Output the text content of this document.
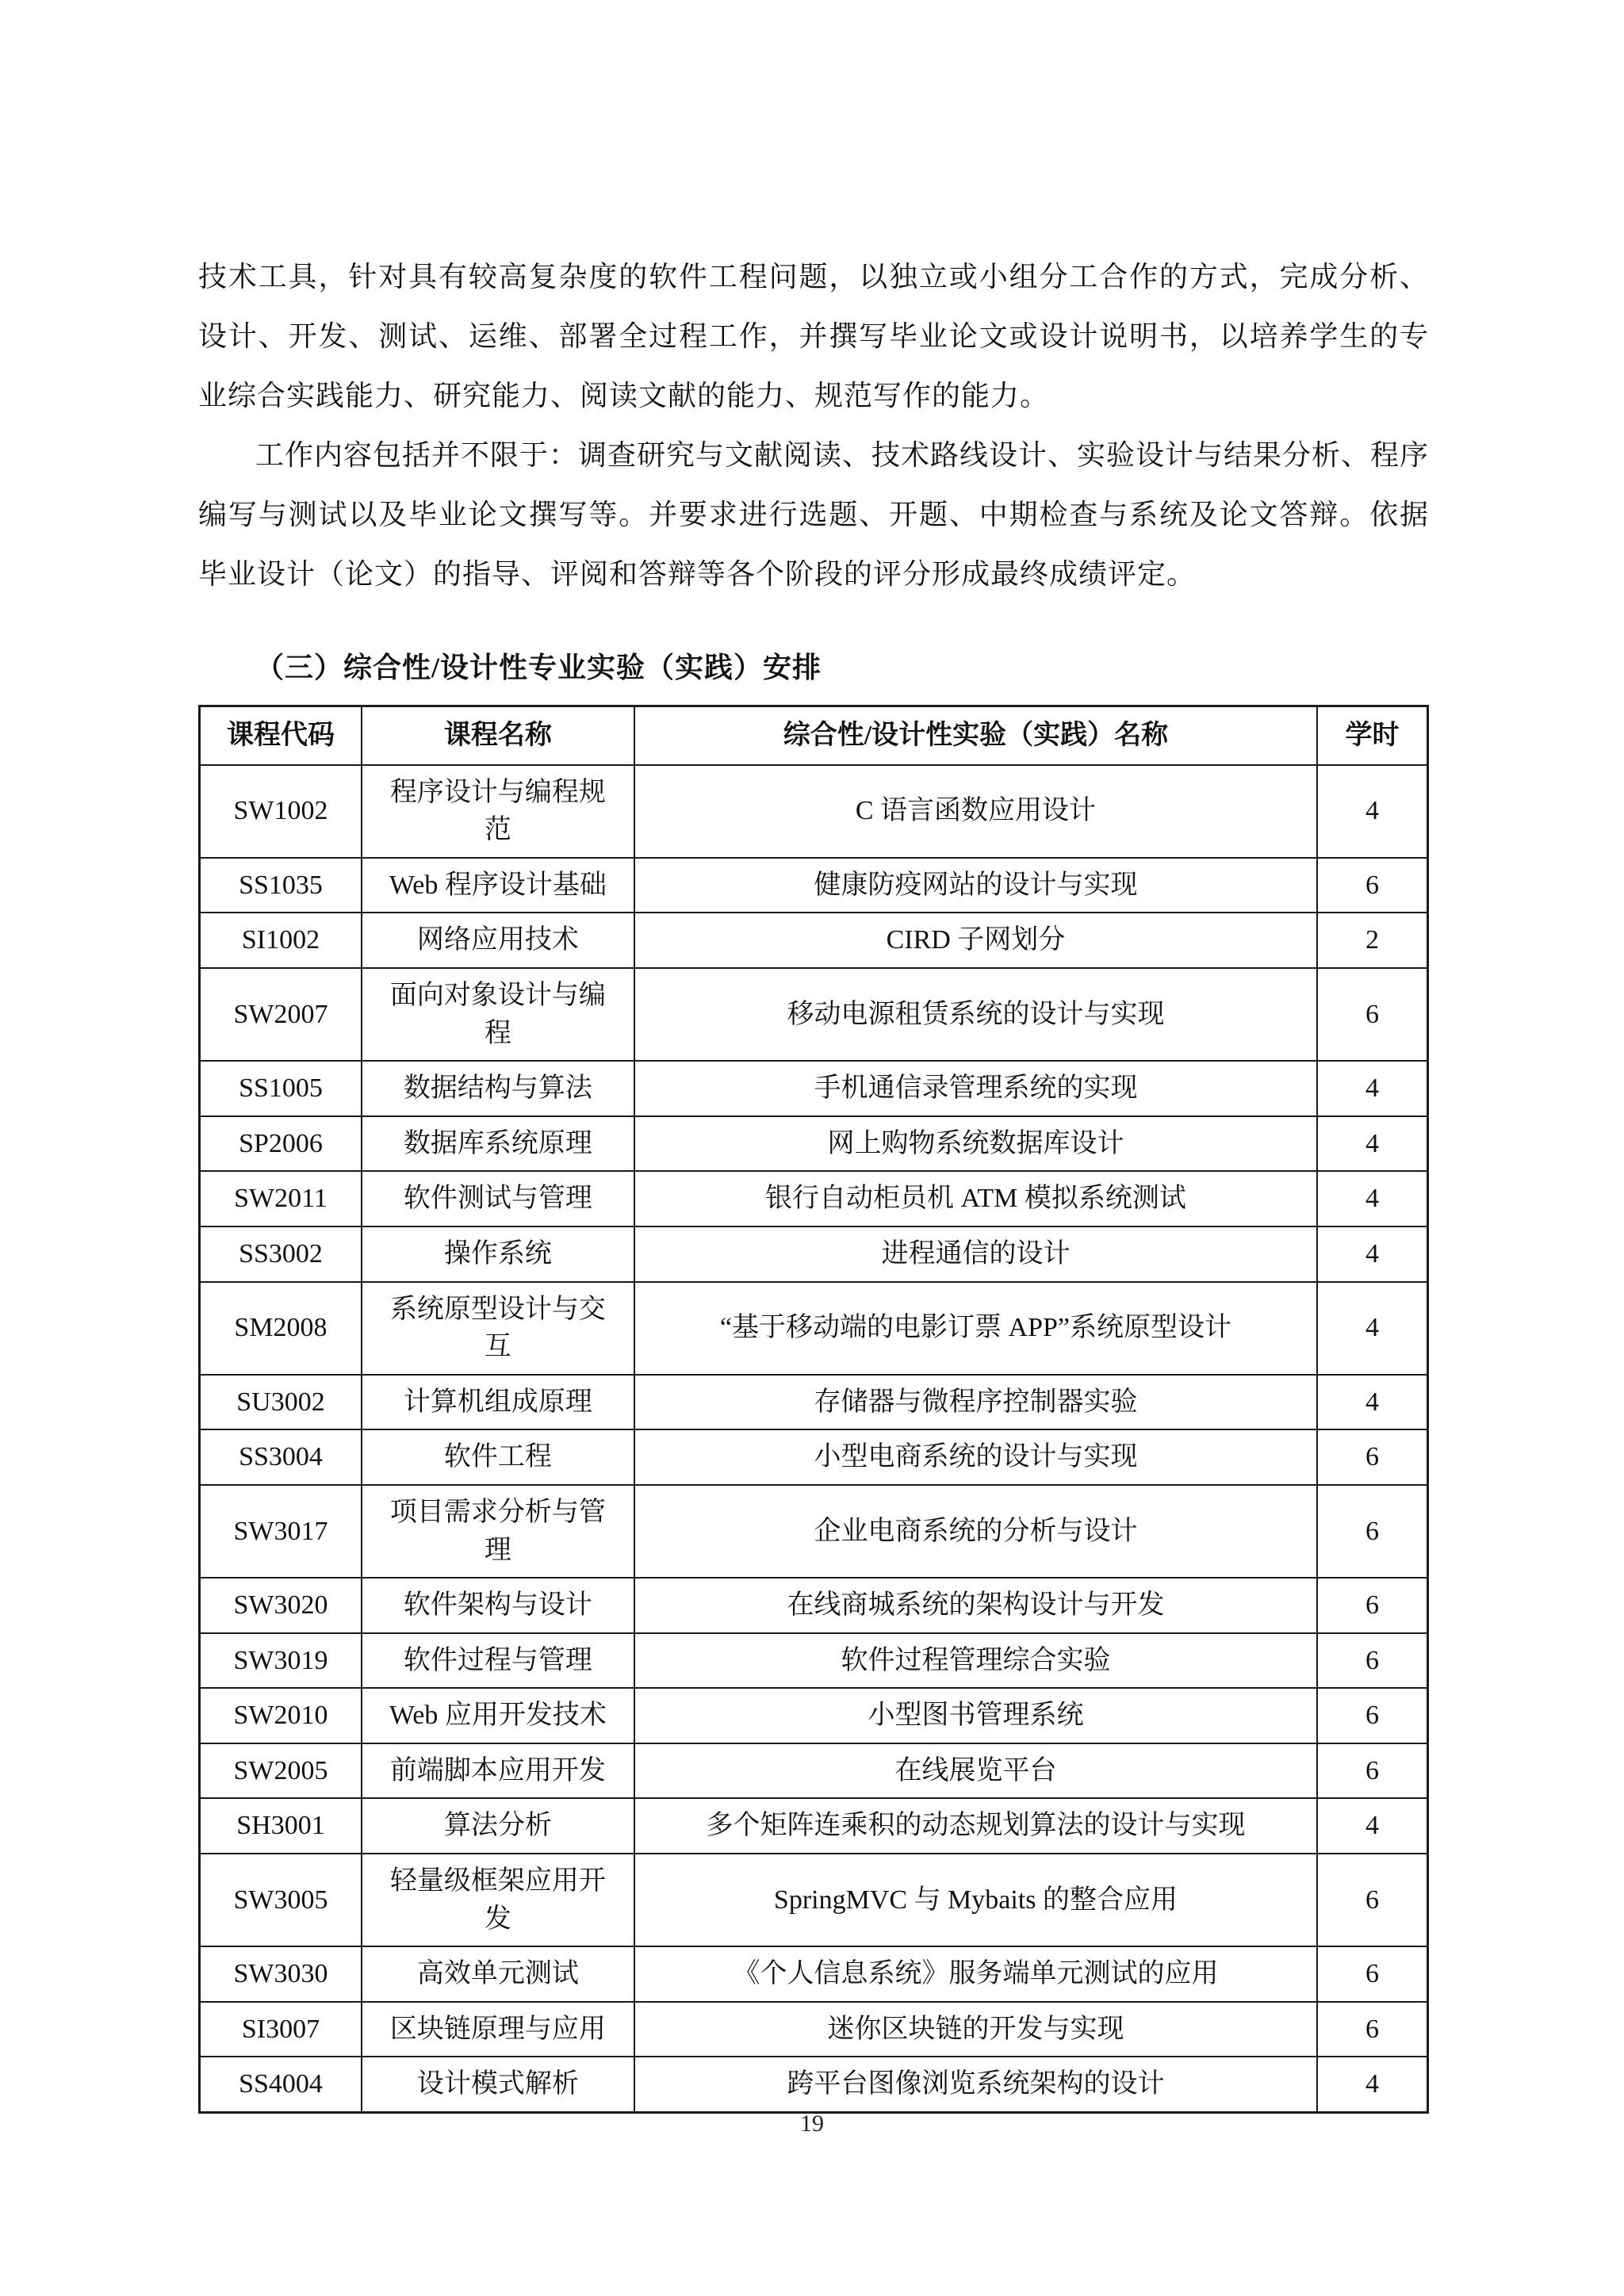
技术工具，针对具有较高复杂度的软件工程问题，以独立或小组分工合作的方式，完成分析、设计、开发、测试、运维、部署全过程工作，并撰写毕业论文或设计说明书，以培养学生的专业综合实践能力、研究能力、阅读文献的能力、规范写作的能力。

工作内容包括并不限于：调查研究与文献阅读、技术路线设计、实验设计与结果分析、程序编写与测试以及毕业论文撰写等。并要求进行选题、开题、中期检查与系统及论文答辩。依据毕业设计（论文）的指导、评阅和答辩等各个阶段的评分形成最终成绩评定。

（三）综合性/设计性专业实验（实践）安排
课程代码	课程名称	综合性/设计性实验（实践）名称	学时
SW1002	程序设计与编程规范	C 语言函数应用设计	4
SS1035	Web 程序设计基础	健康防疫网站的设计与实现	6
SI1002	网络应用技术	CIRD 子网划分	2
SW2007	面向对象设计与编程	移动电源租赁系统的设计与实现	6
SS1005	数据结构与算法	手机通信录管理系统的实现	4
SP2006	数据库系统原理	网上购物系统数据库设计	4
SW2011	软件测试与管理	银行自动柜员机 ATM 模拟系统测试	4
SS3002	操作系统	进程通信的设计	4
SM2008	系统原型设计与交互	“基于移动端的电影订票 APP”系统原型设计	4
SU3002	计算机组成原理	存储器与微程序控制器实验	4
SS3004	软件工程	小型电商系统的设计与实现	6
SW3017	项目需求分析与管理	企业电商系统的分析与设计	6
SW3020	软件架构与设计	在线商城系统的架构设计与开发	6
SW3019	软件过程与管理	软件过程管理综合实验	6
SW2010	Web 应用开发技术	小型图书管理系统	6
SW2005	前端脚本应用开发	在线展览平台	6
SH3001	算法分析	多个矩阵连乘积的动态规划算法的设计与实现	4
SW3005	轻量级框架应用开发	SpringMVC 与 Mybaits 的整合应用	6
SW3030	高效单元测试	《个人信息系统》服务端单元测试的应用	6
SI3007	区块链原理与应用	迷你区块链的开发与实现	6
SS4004	设计模式解析	跨平台图像浏览系统架构的设计	4
19
